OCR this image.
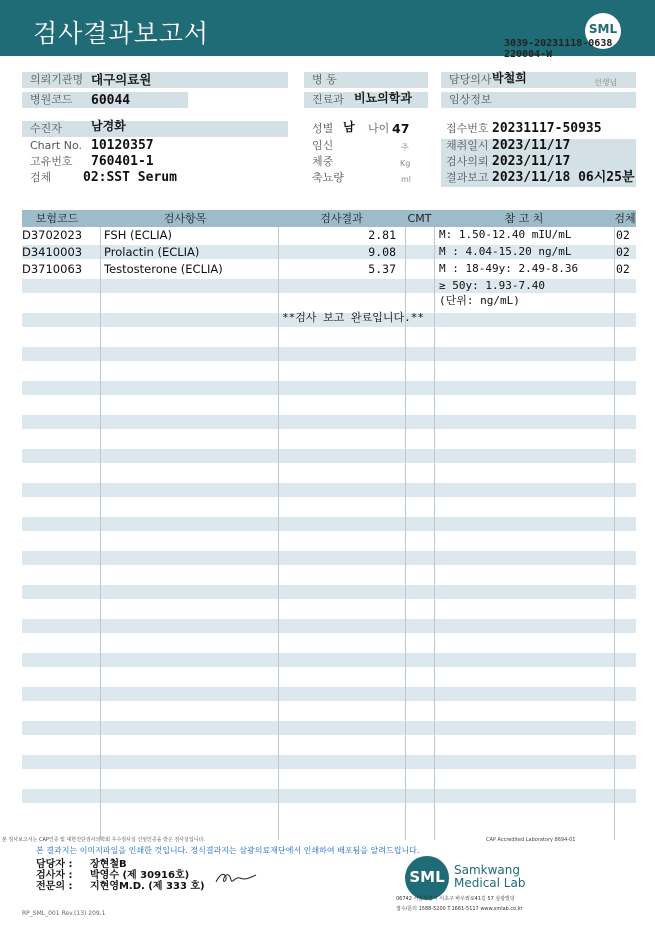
검사결과보고서	SML
3039-20231118-0638
220004-W
의뢰기관명 대구의료원
병원코드	60044
병 동
진료과 비뇨의학과
담당의사 박철희	선생님
임상정보
수진자	남경화
Chart No. 10120357
고유번호 760401-1
검체 02:SST Serum
성별 남 나이 47
임신	주
체중	Kg
축뇨량	ml
접수번호 20231117-50935
채취일시 2023/11/17
검사의뢰 2023/11/17
결과보고 2023/11/18 06시25분
보험코드	검사항목	검사결과	CMT	참 고 치	검체
D3702023 FSH (ECLIA)	2.81	M: 1.50-12.40 mIU/mL	02
D3410003 Prolactin (ECLIA)	9.08	M : 4.04-15.20 ng/mL	02
D3710063 Testosterone (ECLIA)	5.37	M : 18-49y: 2.49-8.36	02
≥ 50y: 1.93-7.40
(단위: ng/mL)
**검사 보고 완료입니다.**
본 검사보고서는 CAP인증 및 대한진단검사의학회 우수검사실 신임인증을 받은 검사실입니다.	CAP Accredited Laboratory 8694-01
본 결과지는 이미지파일을 인쇄한 것입니다. 정식결과지는 삼광의료재단에서 인쇄하여 배포됨을 알려드립니다.
담당자 : 장현철B
검사자 : 박영수 (제 30916호)
전문의 : 지현영M.D. (제 333 호)
SML Samkwang
Medical Lab
06742 서울특별시 서초구 바우뫼로41길 57 삼광빌딩
접수/문의 1588-5200 T.1661-5117 www.smlab.co.kr
RP_SML_001 Rev.(13) 209.1
